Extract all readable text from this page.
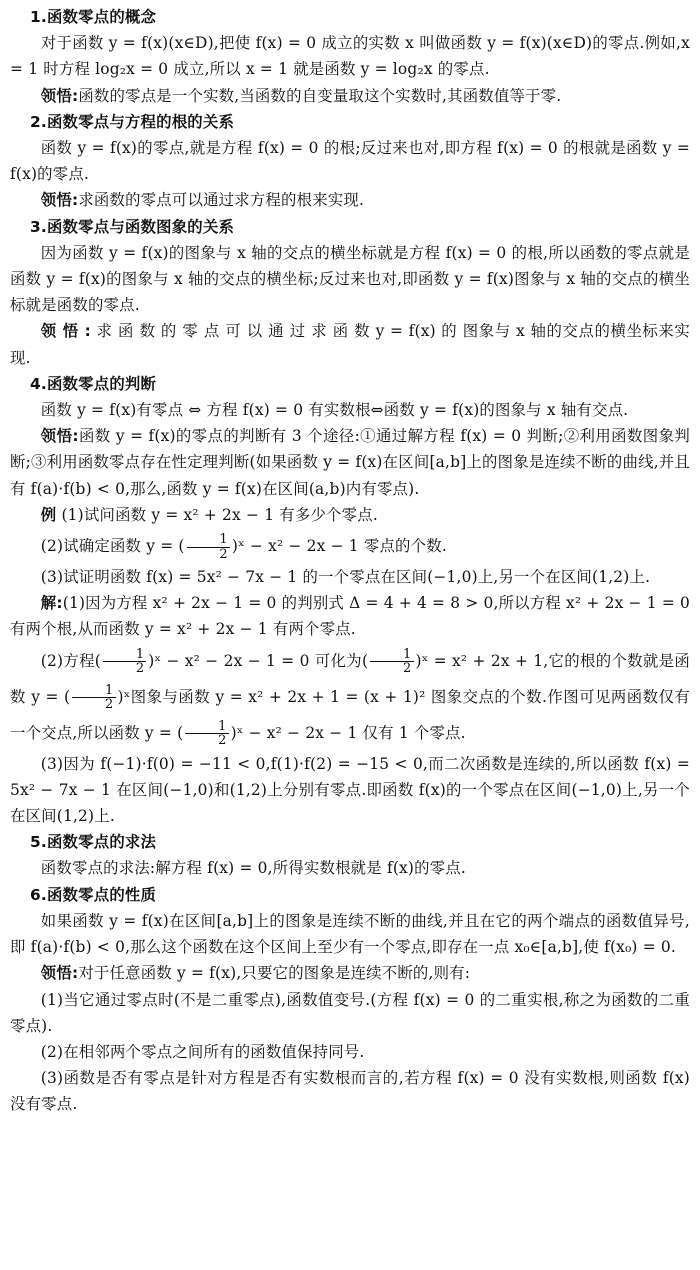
1.函数零点的概念

对于函数 y = f(x)(x∈D),把使 f(x) = 0 成立的实数 x 叫做函数 y = f(x)(x∈D)的零点.例如,x = 1 时方程 log₂x = 0 成立,所以 x = 1 就是函数 y = log₂x 的零点.

领悟:函数的零点是一个实数,当函数的自变量取这个实数时,其函数值等于零.

2.函数零点与方程的根的关系

函数 y = f(x)的零点,就是方程 f(x) = 0 的根;反过来也对,即方程 f(x) = 0 的根就是函数 y = f(x)的零点.

领悟:求函数的零点可以通过求方程的根来实现.

3.函数零点与函数图象的关系

因为函数 y = f(x)的图象与 x 轴的交点的横坐标就是方程 f(x) = 0 的根,所以函数的零点就是函数 y = f(x)的图象与 x 轴的交点的横坐标;反过来也对,即函数 y = f(x)图象与 x 轴的交点的横坐标就是函数的零点.

领 悟 : 求 函 数 的 零 点 可 以 通 过 求 函 数 y = f(x) 的 图象与 x 轴的交点的横坐标来实现.

4.函数零点的判断

函数 y = f(x)有零点 ⇔ 方程 f(x) = 0 有实数根⇔函数 y = f(x)的图象与 x 轴有交点.

领悟:函数 y = f(x)的零点的判断有 3 个途径:①通过解方程 f(x) = 0 判断;②利用函数图象判断;③利用函数零点存在性定理判断(如果函数 y = f(x)在区间[a,b]上的图象是连续不断的曲线,并且有 f(a)·f(b) < 0,那么,函数 y = f(x)在区间(a,b)内有零点).

例 (1)试问函数 y = x² + 2x − 1 有多少个零点.

(2)试确定函数 y = ( $\frac{1}{2}$ )ˣ − x² − 2x − 1 零点的个数.

(3)试证明函数 f(x) = 5x² − 7x − 1 的一个零点在区间(−1,0)上,另一个在区间(1,2)上.

解:(1)因为方程 x² + 2x − 1 = 0 的判别式 Δ = 4 + 4 = 8 > 0,所以方程 x² + 2x − 1 = 0 有两个根,从而函数 y = x² + 2x − 1 有两个零点.

(2)方程( $\frac{1}{2}$ )ˣ − x² − 2x − 1 = 0 可化为( $\frac{1}{2}$ )ˣ = x² + 2x + 1,它的根的个数就是函数 y = ( $\frac{1}{2}$ )ˣ图象与函数 y = x² + 2x + 1 = (x + 1)² 图象交点的个数.作图可见两函数仅有一个交点,所以函数 y = ( $\frac{1}{2}$ )ˣ − x² − 2x − 1 仅有 1 个零点.

(3)因为 f(−1)·f(0) = −11 < 0,f(1)·f(2) = −15 < 0,而二次函数是连续的,所以函数 f(x) = 5x² − 7x − 1 在区间(−1,0)和(1,2)上分别有零点.即函数 f(x)的一个零点在区间(−1,0)上,另一个在区间(1,2)上.

5.函数零点的求法

函数零点的求法:解方程 f(x) = 0,所得实数根就是 f(x)的零点.

6.函数零点的性质

如果函数 y = f(x)在区间[a,b]上的图象是连续不断的曲线,并且在它的两个端点的函数值异号,即 f(a)·f(b) < 0,那么这个函数在这个区间上至少有一个零点,即存在一点 x₀∈[a,b],使 f(x₀) = 0.

领悟:对于任意函数 y = f(x),只要它的图象是连续不断的,则有:

(1)当它通过零点时(不是二重零点),函数值变号.(方程 f(x) = 0 的二重实根,称之为函数的二重零点).

(2)在相邻两个零点之间所有的函数值保持同号.

(3)函数是否有零点是针对方程是否有实数根而言的,若方程 f(x) = 0 没有实数根,则函数 f(x)没有零点.
